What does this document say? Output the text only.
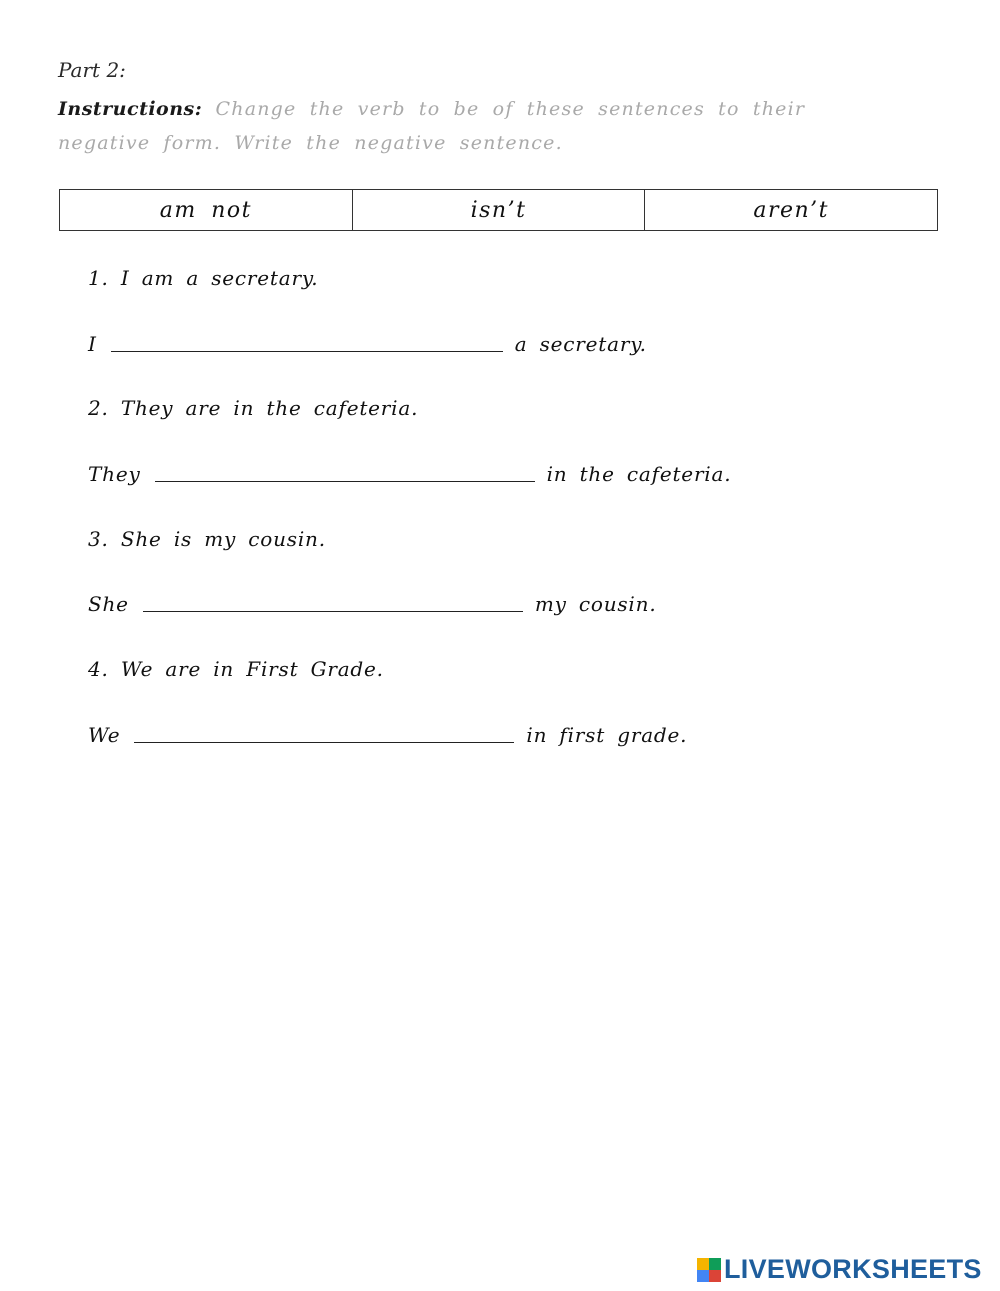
Part 2:
Instructions: Change the verb to be of these sentences to their negative form. Write the negative sentence.
am not	isn’t	aren’t
1. I am a secretary.
I	a secretary.
2. They are in the cafeteria.
They	in the cafeteria.
3. She is my cousin.
She	my cousin.
4. We are in First Grade.
We	in first grade.
LIVEWORKSHEETS
